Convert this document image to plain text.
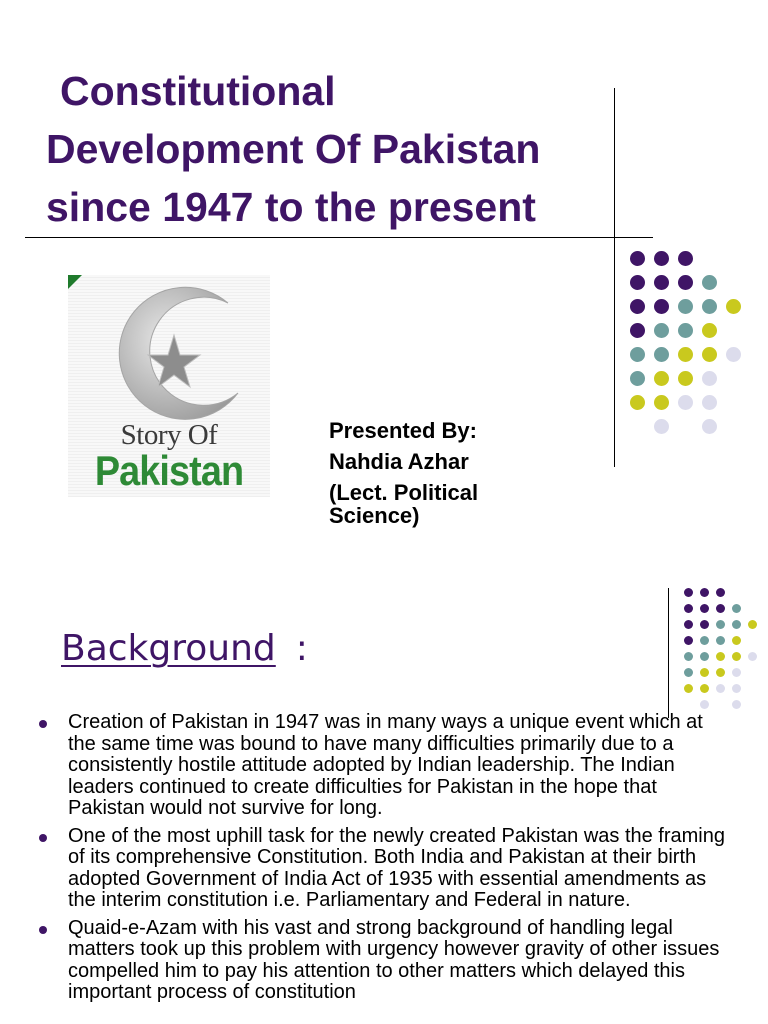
Constitutional
Development Of Pakistan
since 1947 to the present
Story Of
Pakistan
Presented By:
Nahdia Azhar
(Lect. Political
Science)
Background :
Creation of Pakistan in 1947 was in many ways a unique event which at the same time was bound to have many difficulties primarily due to a consistently hostile attitude adopted by Indian leadership. The Indian leaders continued to create difficulties for Pakistan in the hope that Pakistan would not survive for long.
One of the most uphill task for the newly created Pakistan was the framing of its comprehensive Constitution. Both India and Pakistan at their birth adopted Government of India Act of 1935 with essential amendments as the interim constitution i.e. Parliamentary and Federal in nature.
Quaid-e-Azam with his vast and strong background of handling legal matters took up this problem with urgency however gravity of other issues compelled him to pay his attention to other matters which delayed this important process of constitution
